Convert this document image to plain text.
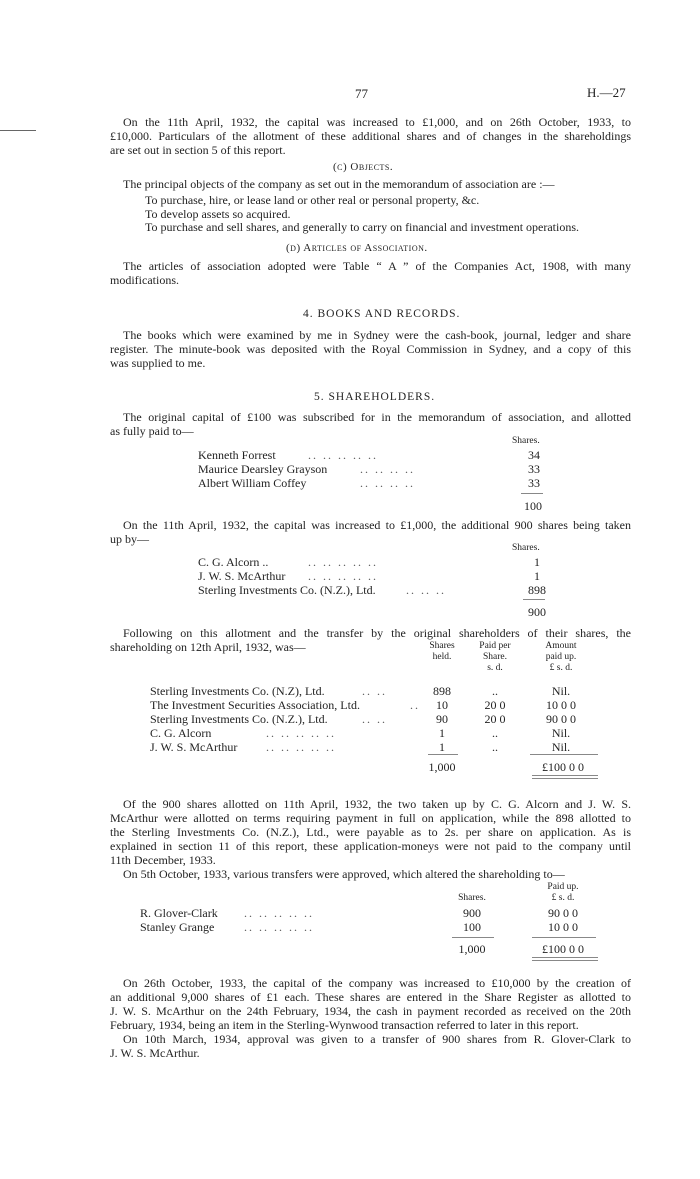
77	H.—27
On the 11th April, 1932, the capital was increased to £1,000, and on 26th October, 1933, to
£10,000. Particulars of the allotment of these additional shares and of changes in the shareholdings
are set out in section 5 of this report.
(c) Objects.
The principal objects of the company as set out in the memorandum of association are :—
To purchase, hire, or lease land or other real or personal property, &c.
To develop assets so acquired.
To purchase and sell shares, and generally to carry on financial and investment operations.
(d) Articles of Association.
The articles of association adopted were Table “ A ” of the Companies Act, 1908, with many
modifications.
4. BOOKS AND RECORDS.
The books which were examined by me in Sydney were the cash-book, journal, ledger and share
register. The minute-book was deposited with the Royal Commission in Sydney, and a copy of this
was supplied to me.
5. SHAREHOLDERS.
The original capital of £100 was subscribed for in the memorandum of association, and allotted
as fully paid to—
Shares.
Kenneth Forrest	.. .. .. .. ..	34
Maurice Dearsley Grayson	.. .. .. ..	33
Albert William Coffey	.. .. .. ..	33
100
On the 11th April, 1932, the capital was increased to £1,000, the additional 900 shares being taken
up by—
Shares.
C. G. Alcorn ..	.. .. .. .. ..	1
J. W. S. McArthur .. .. .. .. ..	1
Sterling Investments Co. (N.Z.), Ltd.	.. .. ..	898
900
Following on this allotment and the transfer by the original shareholders of their shares, the
shareholding on 12th April, 1932, was—	Shares
held.
Paid per
Share.
s. d.
Amount
paid up.
£ s. d.
Sterling Investments Co. (N.Z), Ltd.	.. ..	898	..	Nil.
The Investment Securities Association, Ltd.	..	10	20 0	10 0 0
Sterling Investments Co. (N.Z.), Ltd.	.. ..	90	20 0	90 0 0
C. G. Alcorn	.. .. .. .. ..	1	..	Nil.
J. W. S. McArthur .. .. .. .. ..	1	..	Nil.
1,000	£100 0 0
Of the 900 shares allotted on 11th April, 1932, the two taken up by C. G. Alcorn and J. W. S.
McArthur were allotted on terms requiring payment in full on application, while the 898 allotted to
the Sterling Investments Co. (N.Z.), Ltd., were payable as to 2s. per share on application. As is
explained in section 11 of this report, these application-moneys were not paid to the company until
11th December, 1933.
On 5th October, 1933, various transfers were approved, which altered the shareholding to—
Paid up.
Shares.	£ s. d.
R. Glover-Clark .. .. .. .. ..	900	90 0 0
Stanley Grange .. .. .. .. ..	100	10 0 0
1,000	£100 0 0
On 26th October, 1933, the capital of the company was increased to £10,000 by the creation of
an additional 9,000 shares of £1 each. These shares are entered in the Share Register as allotted to
J. W. S. McArthur on the 24th February, 1934, the cash in payment recorded as received on the 20th
February, 1934, being an item in the Sterling-Wynwood transaction referred to later in this report.
On 10th March, 1934, approval was given to a transfer of 900 shares from R. Glover-Clark to
J. W. S. McArthur.
